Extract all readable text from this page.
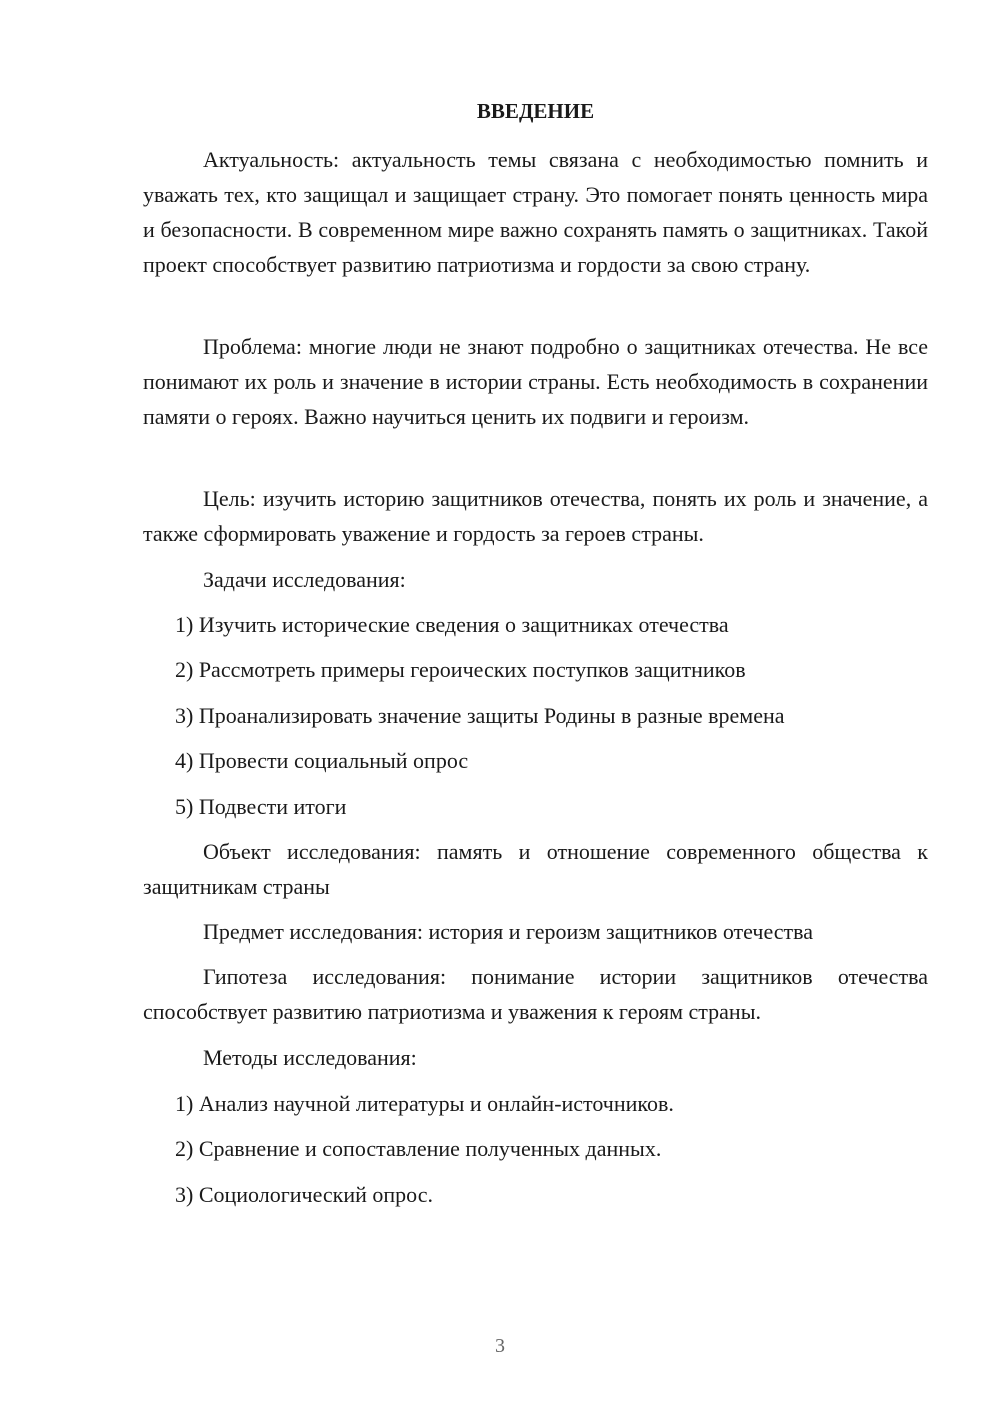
ВВЕДЕНИЕ

Актуальность: актуальность темы связана с необходимостью помнить и уважать тех, кто защищал и защищает страну. Это помогает понять ценность мира и безопасности. В современном мире важно сохранять память о защитниках. Такой проект способствует развитию патриотизма и гордости за свою страну.

Проблема: многие люди не знают подробно о защитниках отечества. Не все понимают их роль и значение в истории страны. Есть необходимость в сохранении памяти о героях. Важно научиться ценить их подвиги и героизм.

Цель: изучить историю защитников отечества, понять их роль и значение, а также сформировать уважение и гордость за героев страны.

Задачи исследования:

1) Изучить исторические сведения о защитниках отечества

2) Рассмотреть примеры героических поступков защитников

3) Проанализировать значение защиты Родины в разные времена

4) Провести социальный опрос

5) Подвести итоги

Объект исследования: память и отношение современного общества к защитникам страны

Предмет исследования: история и героизм защитников отечества

Гипотеза исследования: понимание истории защитников отечества способствует развитию патриотизма и уважения к героям страны.

Методы исследования:

1) Анализ научной литературы и онлайн-источников.

2) Сравнение и сопоставление полученных данных.

3) Социологический опрос.

3
